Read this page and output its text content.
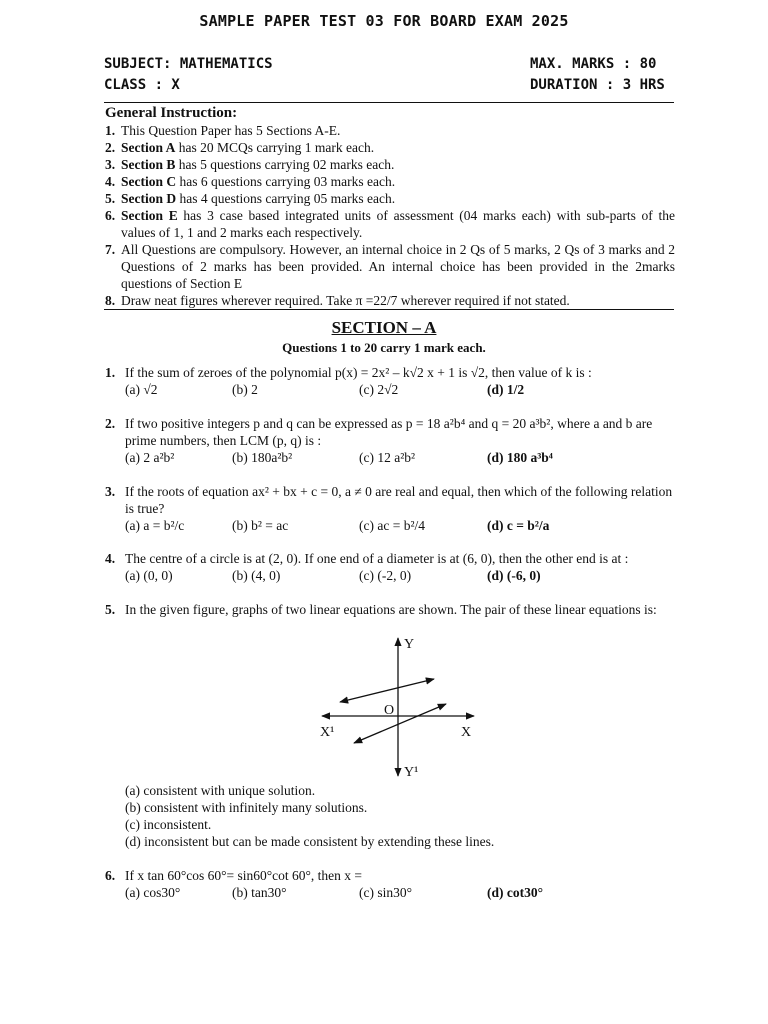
SAMPLE PAPER TEST 03 FOR BOARD EXAM 2025
SUBJECT: MATHEMATICS	MAX. MARKS : 80
CLASS : X	DURATION : 3 HRS
General Instruction:
1. This Question Paper has 5 Sections A-E.
2. Section A has 20 MCQs carrying 1 mark each.
3. Section B has 5 questions carrying 02 marks each.
4. Section C has 6 questions carrying 03 marks each.
5. Section D has 4 questions carrying 05 marks each.
6. Section E has 3 case based integrated units of assessment (04 marks each) with sub-parts of the values of 1, 1 and 2 marks each respectively.
7. All Questions are compulsory. However, an internal choice in 2 Qs of 5 marks, 2 Qs of 3 marks and 2 Questions of 2 marks has been provided. An internal choice has been provided in the 2marks questions of Section E
8. Draw neat figures wherever required. Take π =22/7 wherever required if not stated.
SECTION – A
Questions 1 to 20 carry 1 mark each.
1. If the sum of zeroes of the polynomial p(x) = 2x² – k√2 x + 1 is √2, then value of k is :
(a) √2	(b) 2	(c) 2√2	(d) 1/2
2. If two positive integers p and q can be expressed as p = 18 a²b⁴ and q = 20 a³b², where a and b are prime numbers, then LCM (p, q) is :
(a) 2 a²b²	(b) 180a²b²	(c) 12 a²b²	(d) 180 a³b⁴
3. If the roots of equation ax² + bx + c = 0, a ≠ 0 are real and equal, then which of the following relation is true?
(a) a = b²/c	(b) b² = ac	(c) ac = b²/4	(d) c = b²/a
4. The centre of a circle is at (2, 0). If one end of a diameter is at (6, 0), then the other end is at :
(a) (0, 0)	(b) (4, 0)	(c) (-2, 0)	(d) (-6, 0)
5. In the given figure, graphs of two linear equations are shown. The pair of these linear equations is:
Y
O
X¹	X
Y¹
(a) consistent with unique solution.
(b) consistent with infinitely many solutions.
(c) inconsistent.
(d) inconsistent but can be made consistent by extending these lines.
6. If x tan 60°cos 60°= sin60°cot 60°, then x =
(a) cos30°	(b) tan30°	(c) sin30°	(d) cot30°
